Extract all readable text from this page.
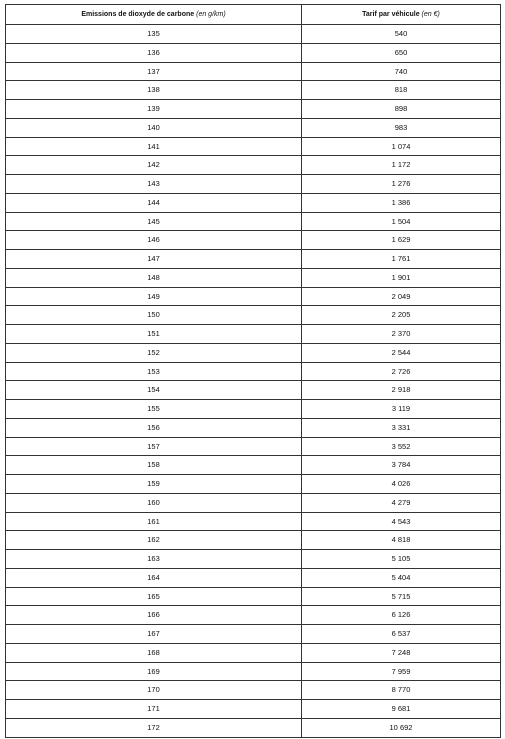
Emissions de dioxyde de carbone (en g/km)	Tarif par véhicule (en €)
135	540
136	650
137	740
138	818
139	898
140	983
141	1 074
142	1 172
143	1 276
144	1 386
145	1 504
146	1 629
147	1 761
148	1 901
149	2 049
150	2 205
151	2 370
152	2 544
153	2 726
154	2 918
155	3 119
156	3 331
157	3 552
158	3 784
159	4 026
160	4 279
161	4 543
162	4 818
163	5 105
164	5 404
165	5 715
166	6 126
167	6 537
168	7 248
169	7 959
170	8 770
171	9 681
172	10 692
